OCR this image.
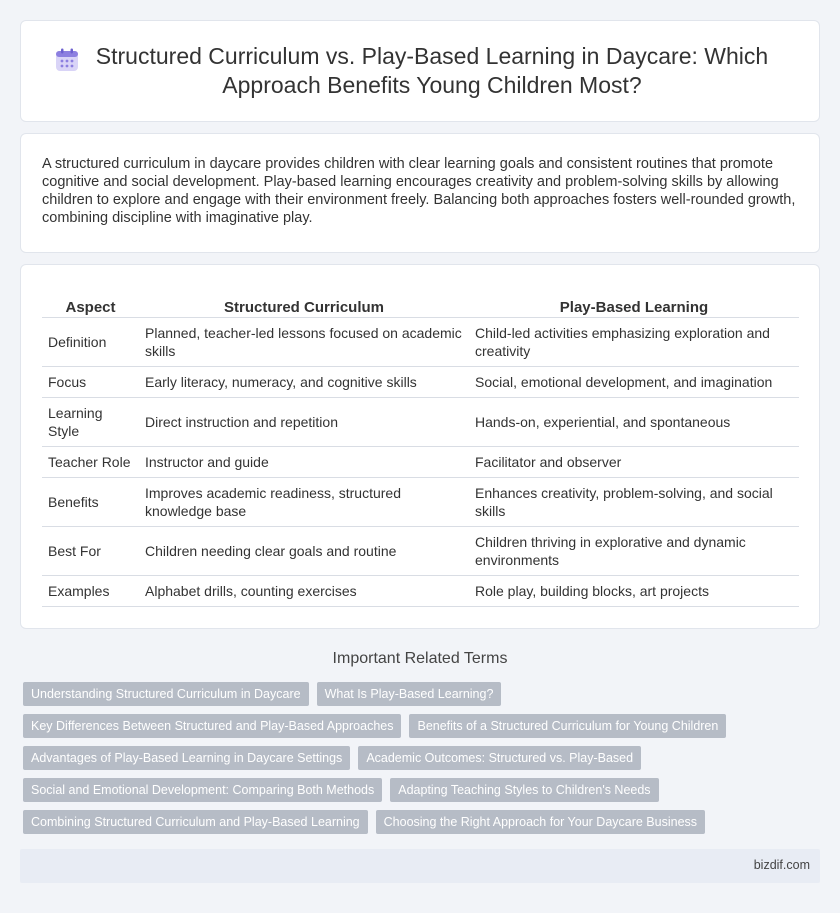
Structured Curriculum vs. Play-Based Learning in Daycare: Which Approach Benefits Young Children Most?

A structured curriculum in daycare provides children with clear learning goals and consistent routines that promote cognitive and social development. Play-based learning encourages creativity and problem-solving skills by allowing children to explore and engage with their environment freely. Balancing both approaches fosters well-rounded growth, combining discipline with imaginative play.

Aspect	Structured Curriculum	Play-Based Learning
Definition	Planned, teacher-led lessons focused on academic skills	Child-led activities emphasizing exploration and creativity
Focus	Early literacy, numeracy, and cognitive skills	Social, emotional development, and imagination
Learning Style	Direct instruction and repetition	Hands-on, experiential, and spontaneous
Teacher Role	Instructor and guide	Facilitator and observer
Benefits	Improves academic readiness, structured knowledge base	Enhances creativity, problem-solving, and social skills
Best For	Children needing clear goals and routine	Children thriving in explorative and dynamic environments
Examples	Alphabet drills, counting exercises	Role play, building blocks, art projects
Important Related Terms
Understanding Structured Curriculum in Daycare	What Is Play-Based Learning?
Key Differences Between Structured and Play-Based Approaches	Benefits of a Structured Curriculum for Young Children
Advantages of Play-Based Learning in Daycare Settings	Academic Outcomes: Structured vs. Play-Based
Social and Emotional Development: Comparing Both Methods	Adapting Teaching Styles to Children's Needs
Combining Structured Curriculum and Play-Based Learning	Choosing the Right Approach for Your Daycare Business
bizdif.com
